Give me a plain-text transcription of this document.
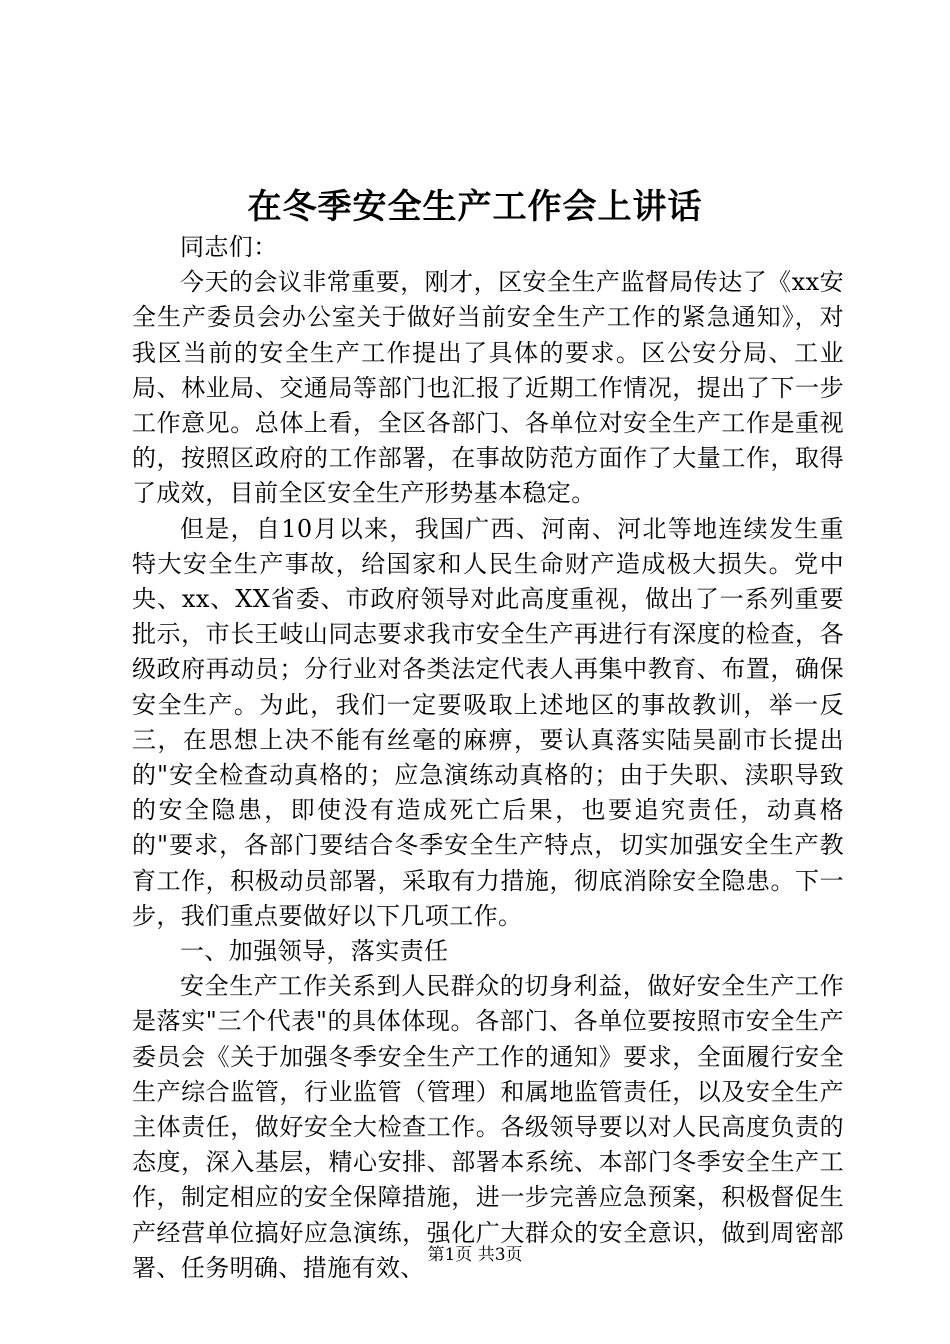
在冬季安全生产工作会上讲话

同志们：

今天的会议非常重要，刚才，区安全生产监督局传达了《xx安全生产委员会办公室关于做好当前安全生产工作的紧急通知》，对我区当前的安全生产工作提出了具体的要求。区公安分局、工业局、林业局、交通局等部门也汇报了近期工作情况，提出了下一步工作意见。总体上看，全区各部门、各单位对安全生产工作是重视的，按照区政府的工作部署，在事故防范方面作了大量工作，取得了成效，目前全区安全生产形势基本稳定。

但是，自10月以来，我国广西、河南、河北等地连续发生重特大安全生产事故，给国家和人民生命财产造成极大损失。党中央、xx、XX省委、市政府领导对此高度重视，做出了一系列重要批示，市长王岐山同志要求我市安全生产再进行有深度的检查，各级政府再动员；分行业对各类法定代表人再集中教育、布置，确保安全生产。为此，我们一定要吸取上述地区的事故教训，举一反三，在思想上决不能有丝毫的麻痹，要认真落实陆昊副市长提出的"安全检查动真格的；应急演练动真格的；由于失职、渎职导致的安全隐患，即使没有造成死亡后果，也要追究责任，动真格的"要求，各部门要结合冬季安全生产特点，切实加强安全生产教育工作，积极动员部署，采取有力措施，彻底消除安全隐患。下一步，我们重点要做好以下几项工作。

一、加强领导，落实责任

安全生产工作关系到人民群众的切身利益，做好安全生产工作是落实"三个代表"的具体体现。各部门、各单位要按照市安全生产委员会《关于加强冬季安全生产工作的通知》要求，全面履行安全生产综合监管，行业监管（管理）和属地监管责任，以及安全生产主体责任，做好安全大检查工作。各级领导要以对人民高度负责的态度，深入基层，精心安排、部署本系统、本部门冬季安全生产工作，制定相应的安全保障措施，进一步完善应急预案，积极督促生产经营单位搞好应急演练，强化广大群众的安全意识，做到周密部署、任务明确、措施有效、 第1页 共3页
